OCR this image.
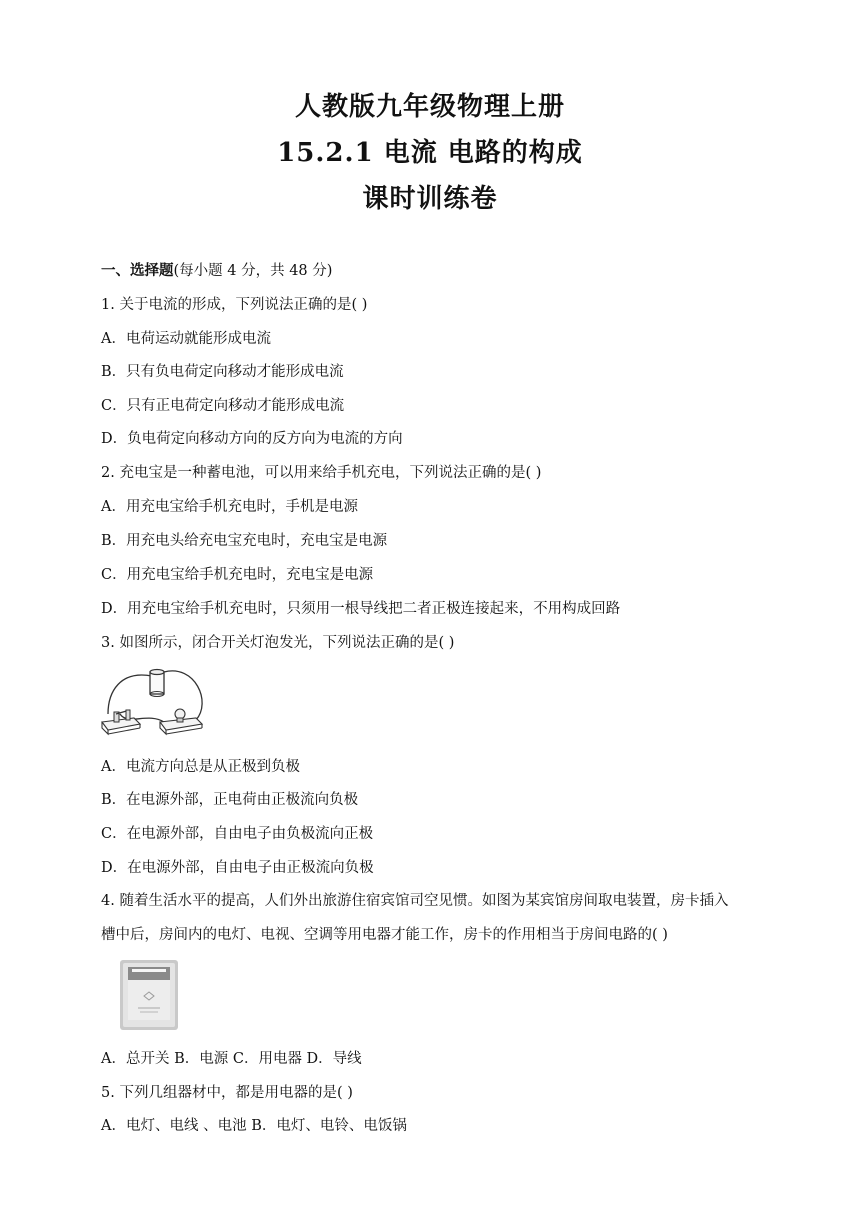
人教版九年级物理上册
15.2.1 电流 电路的构成
课时训练卷
一、选择题(每小题 4 分，共 48 分)
1. 关于电流的形成，下列说法正确的是( )
A．电荷运动就能形成电流
B．只有负电荷定向移动才能形成电流
C．只有正电荷定向移动才能形成电流
D．负电荷定向移动方向的反方向为电流的方向
2. 充电宝是一种蓄电池，可以用来给手机充电，下列说法正确的是( )
A．用充电宝给手机充电时，手机是电源
B．用充电头给充电宝充电时，充电宝是电源
C．用充电宝给手机充电时，充电宝是电源
D．用充电宝给手机充电时，只须用一根导线把二者正极连接起来，不用构成回路
3. 如图所示，闭合开关灯泡发光，下列说法正确的是( )
A．电流方向总是从正极到负极
B．在电源外部，正电荷由正极流向负极
C．在电源外部，自由电子由负极流向正极
D．在电源外部，自由电子由正极流向负极
4. 随着生活水平的提高，人们外出旅游住宿宾馆司空见惯。如图为某宾馆房间取电装置，房卡插入
槽中后，房间内的电灯、电视、空调等用电器才能工作，房卡的作用相当于房间电路的( )
A．总开关 B．电源 C．用电器 D．导线
5. 下列几组器材中，都是用电器的是( )
A．电灯、电线 、电池 B．电灯、电铃、电饭锅
